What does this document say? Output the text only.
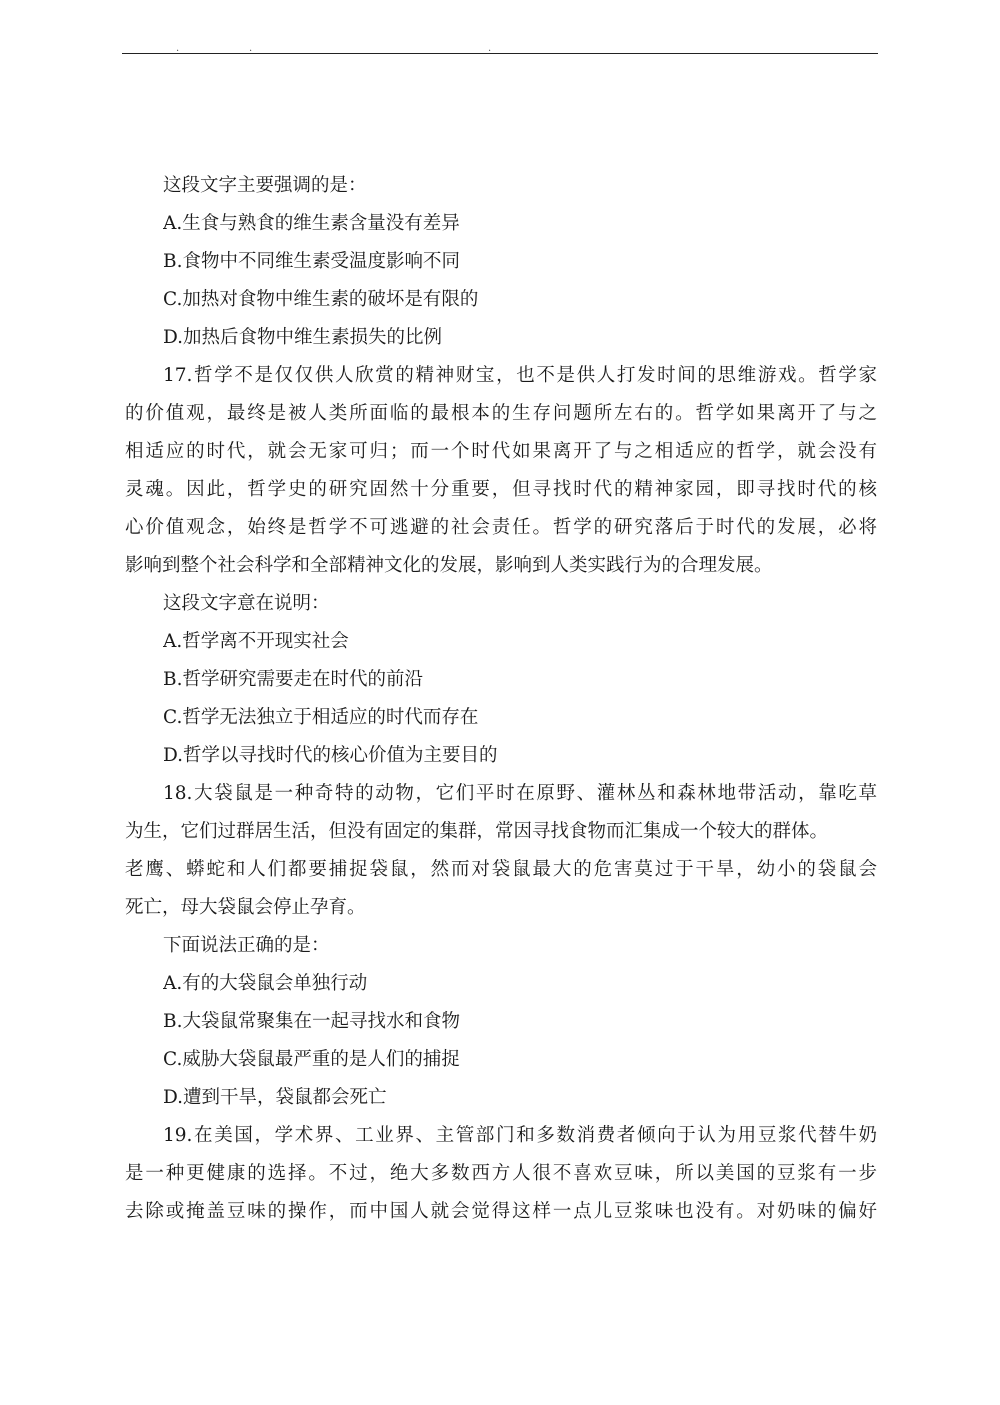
.	.	.
这段文字主要强调的是：
A.生食与熟食的维生素含量没有差异
B.食物中不同维生素受温度影响不同
C.加热对食物中维生素的破坏是有限的
D.加热后食物中维生素损失的比例
17.哲学不是仅仅供人欣赏的精神财宝，也不是供人打发时间的思维游戏。哲学家
的价值观，最终是被人类所面临的最根本的生存问题所左右的。哲学如果离开了与之
相适应的时代，就会无家可归；而一个时代如果离开了与之相适应的哲学，就会没有
灵魂。因此，哲学史的研究固然十分重要，但寻找时代的精神家园，即寻找时代的核
心价值观念，始终是哲学不可逃避的社会责任。哲学的研究落后于时代的发展，必将
影响到整个社会科学和全部精神文化的发展，影响到人类实践行为的合理发展。
这段文字意在说明：
A.哲学离不开现实社会
B.哲学研究需要走在时代的前沿
C.哲学无法独立于相适应的时代而存在
D.哲学以寻找时代的核心价值为主要目的
18.大袋鼠是一种奇特的动物，它们平时在原野、灌林丛和森林地带活动，靠吃草
为生，它们过群居生活，但没有固定的集群，常因寻找食物而汇集成一个较大的群体。
老鹰、蟒蛇和人们都要捕捉袋鼠，然而对袋鼠最大的危害莫过于干旱，幼小的袋鼠会
死亡，母大袋鼠会停止孕育。
下面说法正确的是：
A.有的大袋鼠会单独行动
B.大袋鼠常聚集在一起寻找水和食物
C.威胁大袋鼠最严重的是人们的捕捉
D.遭到干旱，袋鼠都会死亡
19.在美国，学术界、工业界、主管部门和多数消费者倾向于认为用豆浆代替牛奶
是一种更健康的选择。不过，绝大多数西方人很不喜欢豆味，所以美国的豆浆有一步
去除或掩盖豆味的操作，而中国人就会觉得这样一点儿豆浆味也没有。对奶味的偏好
